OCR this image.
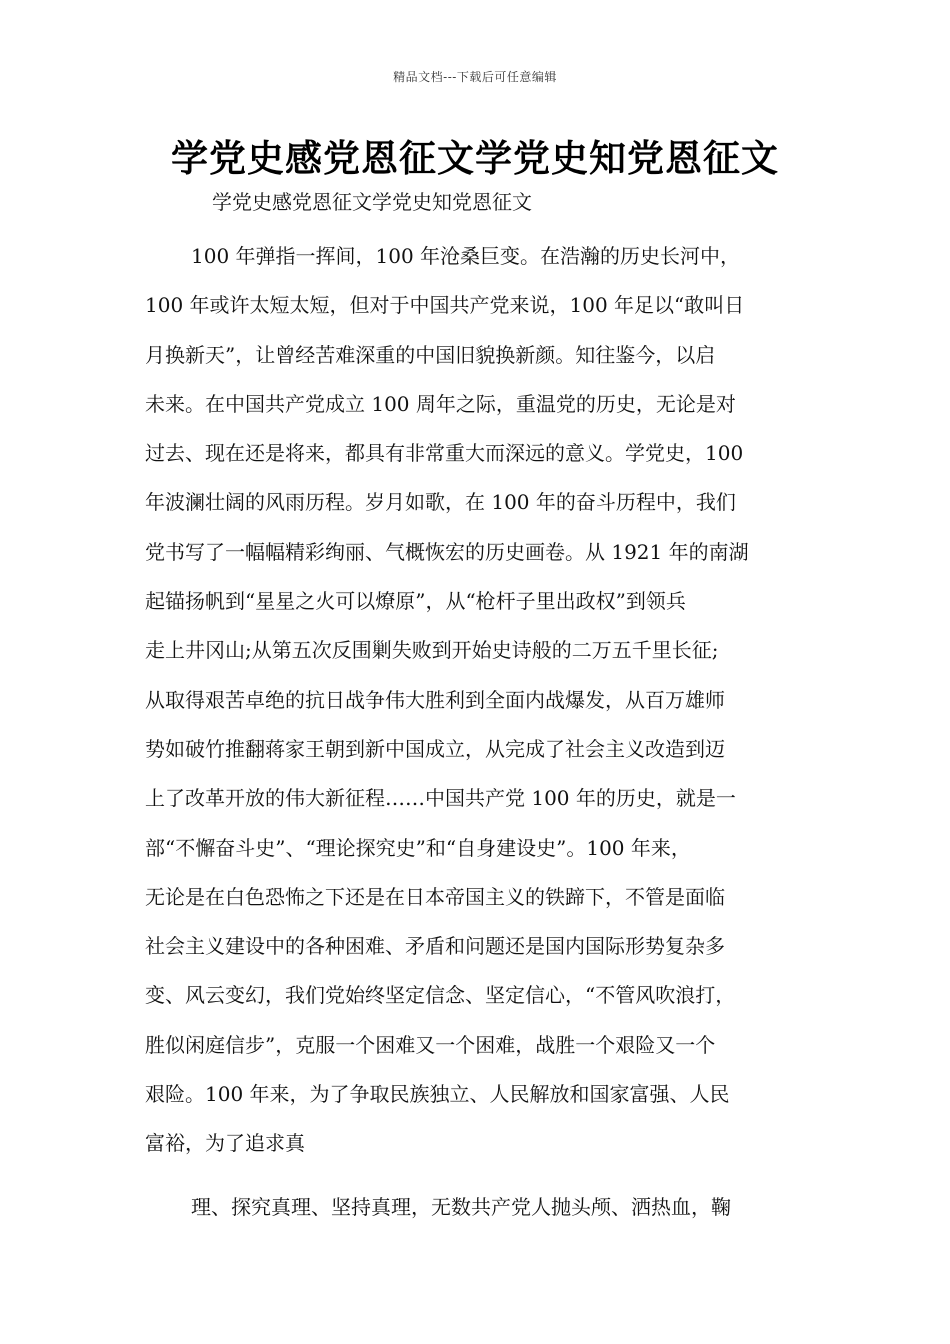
精品文档---下载后可任意编辑
学党史感党恩征文学党史知党恩征文
学党史感党恩征文学党史知党恩征文
100 年弹指一挥间，100 年沧桑巨变。在浩瀚的历史长河中，
100 年或许太短太短，但对于中国共产党来说，100 年足以“敢叫日
月换新天”，让曾经苦难深重的中国旧貌换新颜。知往鉴今，以启
未来。在中国共产党成立 100 周年之际，重温党的历史，无论是对
过去、现在还是将来，都具有非常重大而深远的意义。学党史，100
年波澜壮阔的风雨历程。岁月如歌，在 100 年的奋斗历程中，我们
党书写了一幅幅精彩绚丽、气概恢宏的历史画卷。从 1921 年的南湖
起锚扬帆到“星星之火可以燎原”，从“枪杆子里出政权”到领兵
走上井冈山;从第五次反围剿失败到开始史诗般的二万五千里长征;
从取得艰苦卓绝的抗日战争伟大胜利到全面内战爆发，从百万雄师
势如破竹推翻蒋家王朝到新中国成立，从完成了社会主义改造到迈
上了改革开放的伟大新征程……中国共产党 100 年的历史，就是一
部“不懈奋斗史”、“理论探究史”和“自身建设史”。100 年来，
无论是在白色恐怖之下还是在日本帝国主义的铁蹄下，不管是面临
社会主义建设中的各种困难、矛盾和问题还是国内国际形势复杂多
变、风云变幻，我们党始终坚定信念、坚定信心，“不管风吹浪打，
胜似闲庭信步”，克服一个困难又一个困难，战胜一个艰险又一个
艰险。100 年来，为了争取民族独立、人民解放和国家富强、人民
富裕，为了追求真
理、探究真理、坚持真理，无数共产党人抛头颅、洒热血，鞠
